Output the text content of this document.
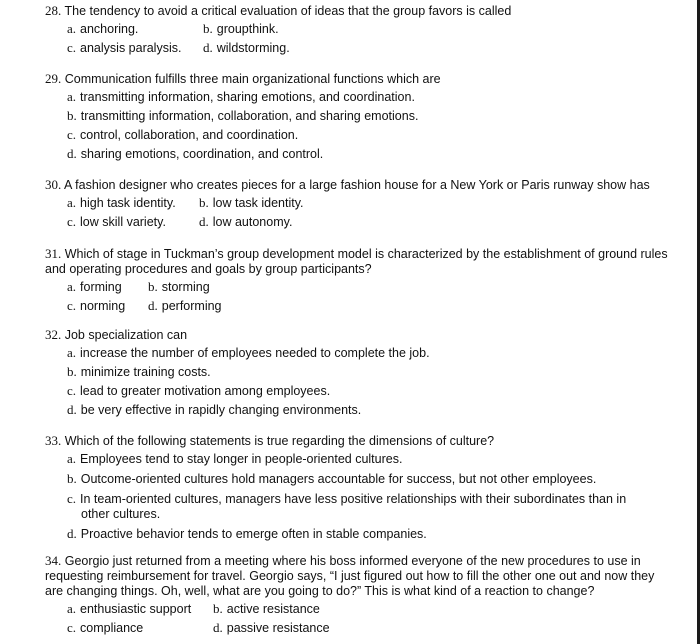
28. The tendency to avoid a critical evaluation of ideas that the group favors is called

a. anchoring.	b. groupthink.
c. analysis paralysis. d. wildstorming.

29. Communication fulfills three main organizational functions which are

a. transmitting information, sharing emotions, and coordination.
b. transmitting information, collaboration, and sharing emotions.
c. control, collaboration, and coordination.
d. sharing emotions, coordination, and control.

30. A fashion designer who creates pieces for a large fashion house for a New York or Paris runway show has

a. high task identity. b. low task identity.
c. low skill variety.	d. low autonomy.

31. Which of stage in Tuckman’s group development model is characterized by the establishment of ground rules and operating procedures and goals by group participants?

a. forming b. storming
c. norming d. performing

32. Job specialization can

a. increase the number of employees needed to complete the job.
b. minimize training costs.
c. lead to greater motivation among employees.
d. be very effective in rapidly changing environments.

33. Which of the following statements is true regarding the dimensions of culture?

a. Employees tend to stay longer in people-oriented cultures.
b. Outcome-oriented cultures hold managers accountable for success, but not other employees.
c. In team-oriented cultures, managers have less positive relationships with their subordinates than in other cultures.
d. Proactive behavior tends to emerge often in stable companies.

34. Georgio just returned from a meeting where his boss informed everyone of the new procedures to use in requesting reimbursement for travel. Georgio says, “I just figured out how to fill the other one out and now they are changing things. Oh, well, what are you going to do?” This is what kind of a reaction to change?

a. enthusiastic support b. active resistance
c. compliance	d. passive resistance
